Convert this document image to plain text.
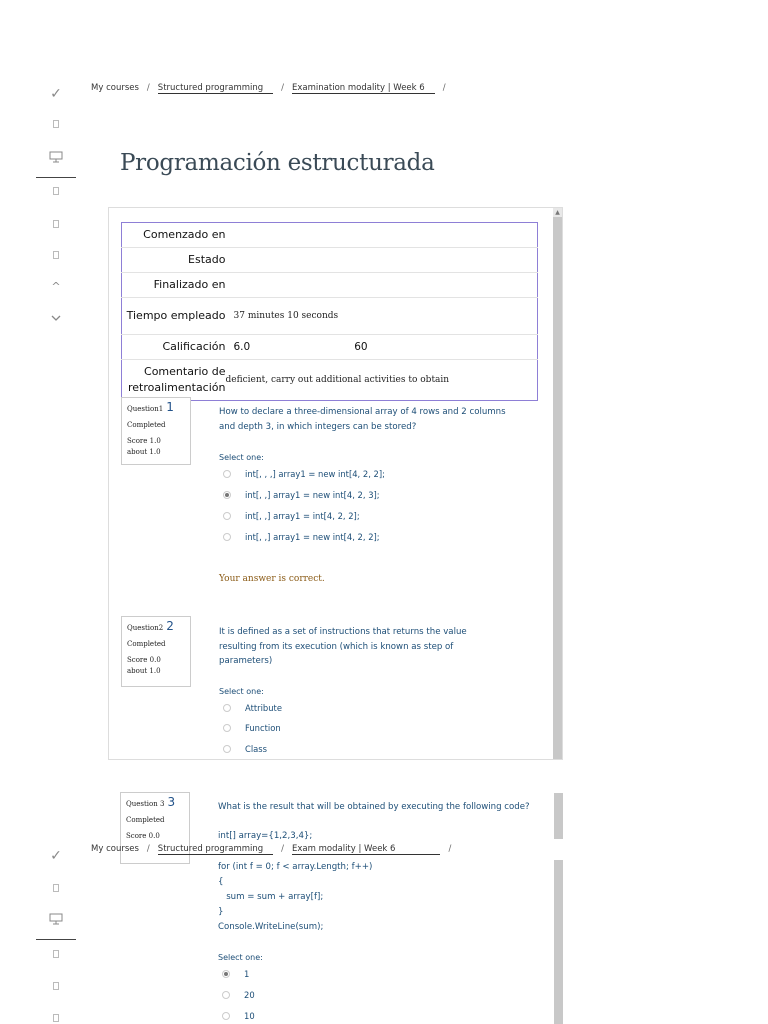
✓
^
My courses / Structured programming / Examination modality | Week 6 /
Programación estructurada
▲
Comenzado en	
Estado	
Finalizado en	
Tiempo empleado	37 minutes 10 seconds
Calificación	6.0 60
Comentario de retroalimentación	deficient, carry out additional activities to obtain
Question1 1
Completed
Score 1.0
about 1.0
How to declare a three-dimensional array of 4 rows and 2 columns and depth 3, in which integers can be stored?
Select one:
int[, , ,] array1 = new int[4, 2, 2];
int[, ,] array1 = new int[4, 2, 3];
int[, ,] array1 = int[4, 2, 2];
int[, ,] array1 = new int[4, 2, 2];
Your answer is correct.
Question2 2
Completed
Score 0.0
about 1.0
It is defined as a set of instructions that returns the value resulting from its execution (which is known as step of parameters)
Select one:
Attribute
Function
Class
Question 3 3
Completed
Score 0.0
What is the result that will be obtained by executing the following code?
int[] array={1,2,3,4};
My courses / Structured programming / Exam modality | Week 6	/
for (int f = 0; f < array.Length; f++)
{
sum = sum + array[f];
}
Console.WriteLine(sum);
Select one:
1
20
10
✓
